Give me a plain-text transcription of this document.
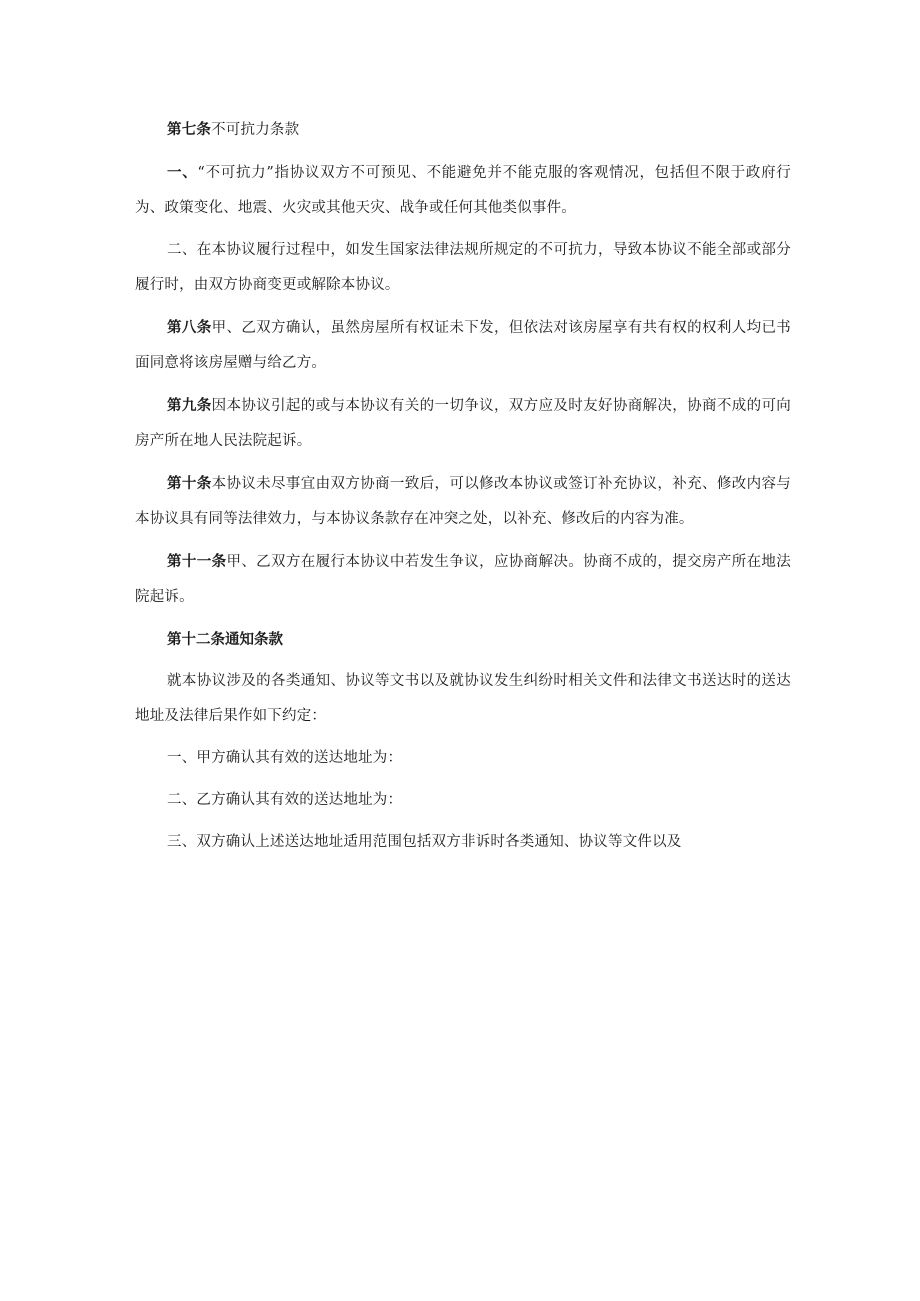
第七条不可抗力条款

一、“不可抗力”指协议双方不可预见、不能避免并不能克服的客观情况，包括但不限于政府行为、政策变化、地震、火灾或其他天灾、战争或任何其他类似事件。

二、在本协议履行过程中，如发生国家法律法规所规定的不可抗力，导致本协议不能全部或部分履行时，由双方协商变更或解除本协议。

第八条甲、乙双方确认，虽然房屋所有权证未下发，但依法对该房屋享有共有权的权利人均已书面同意将该房屋赠与给乙方。

第九条因本协议引起的或与本协议有关的一切争议，双方应及时友好协商解决，协商不成的可向房产所在地人民法院起诉。

第十条本协议未尽事宜由双方协商一致后，可以修改本协议或签订补充协议，补充、修改内容与本协议具有同等法律效力，与本协议条款存在冲突之处，以补充、修改后的内容为准。

第十一条甲、乙双方在履行本协议中若发生争议，应协商解决。协商不成的，提交房产所在地法院起诉。

第十二条通知条款

就本协议涉及的各类通知、协议等文书以及就协议发生纠纷时相关文件和法律文书送达时的送达地址及法律后果作如下约定：

一、甲方确认其有效的送达地址为：

二、乙方确认其有效的送达地址为：

三、双方确认上述送达地址适用范围包括双方非诉时各类通知、协议等文件以及
